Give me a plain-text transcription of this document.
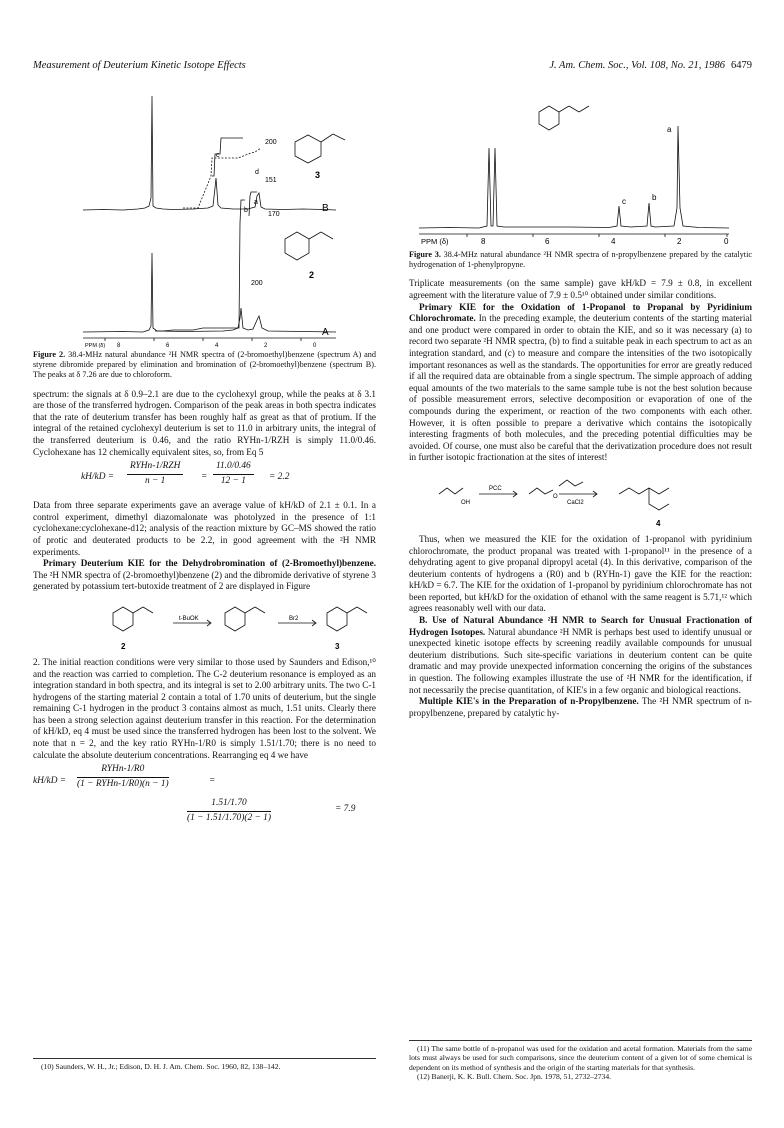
Measurement of Deuterium Kinetic Isotope Effects	J. Am. Chem. Soc., Vol. 108, No. 21, 1986 6479
200
151
c
d
B
3
170
200
b
a
A
2
PPM (δ) 8	6	4	2	0
Figure 2. 38.4-MHz natural abundance ²H NMR spectra of (2-bromoethyl)benzene (spectrum A) and styrene dibromide prepared by elimination and bromination of (2-bromoethyl)benzene (spectrum B). The peaks at δ 7.26 are due to chloroform.

spectrum: the signals at δ 0.9–2.1 are due to the cyclohexyl group, while the peaks at δ 3.1 are those of the transferred hydrogen. Comparison of the peak areas in both spectra indicates that the rate of deuterium transfer has been roughly half as great as that of protium. If the integral of the retained cyclohexyl deuterium is set to 11.0 in arbitrary units, the integral of the transferred deuterium is 0.46, and the ratio RYHn-1/RZH is simply 11.0/0.46. Cyclohexane has 12 chemically equivalent sites, so, from Eq 5

kH/kD =
RYHn-1/RZH
n − 1	= $\frac{11.0/0.46}{12 - 1} = 2.2$

Data from three separate experiments gave an average value of kH/kD of 2.1 ± 0.1. In a control experiment, dimethyl diazomalonate was photolyzed in the presence of 1:1 cyclohexane:cyclohexane-d12; analysis of the reaction mixture by GC–MS showed the ratio of protic and deuterated products to be 2.2, in good agreement with the ²H NMR experiments.

Primary Deuterium KIE for the Dehydrobromination of (2-Bromoethyl)benzene. The ²H NMR spectra of (2-bromoethyl)benzene (2) and the dibromide derivative of styrene 3 generated by potassium tert-butoxide treatment of 2 are displayed in Figure

t-BuOK	Br2
2	3

2. The initial reaction conditions were very similar to those used by Saunders and Edison,¹⁰ and the reaction was carried to completion. The C-2 deuterium resonance is employed as an integration standard in both spectra, and its integral is set to 2.00 arbitrary units. The two C-1 hydrogens of the starting material 2 contain a total of 1.70 units of deuterium, but the single remaining C-1 hydrogen in the product 3 contains almost as much, 1.51 units. Clearly there has been a strong selection against deuterium transfer in this reaction. For the determination of kH/kD, eq 4 must be used since the transferred hydrogen has been lost to the solvent. We note that n = 2, and the key ratio RYHn-1/R0 is simply 1.51/1.70; there is no need to calculate the absolute deuterium concentrations. Rearranging eq 4 we have

kH/kD =
RYHn-1/R0
(1 − RYHn-1/R0)(n − 1)	=
$\frac{1.51/1.70}{(1 - 1.51/1.70)(2 - 1)}$	= 7.9

(10) Saunders, W. H., Jr.; Edison, D. H. J. Am. Chem. Soc. 1960, 82, 138–142.

a
b
c
PPM (δ)	8	6	4	2	0
Figure 3. 38.4-MHz natural abundance ²H NMR spectra of n-propylbenzene prepared by the catalytic hydrogenation of 1-phenylpropyne.

Triplicate measurements (on the same sample) gave kH/kD = 7.9 ± 0.8, in excellent agreement with the literature value of 7.9 ± 0.5¹⁰ obtained under similar conditions.

Primary KIE for the Oxidation of 1-Propanol to Propanal by Pyridinium Chlorochromate. In the preceding example, the deuterium contents of the starting material and one product were compared in order to obtain the KIE, and so it was necessary (a) to record two separate ²H NMR spectra, (b) to find a suitable peak in each spectrum to act as an integration standard, and (c) to measure and compare the intensities of the two isotopically important resonances as well as the standards. The opportunities for error are greatly reduced if all the required data are obtainable from a single spectrum. The simple approach of adding equal amounts of the two materials to the same sample tube is not the best solution because of possible measurement errors, selective decomposition or evaporation of one of the compounds during the experiment, or reaction of the two components with each other. However, it is often possible to prepare a derivative which contains the isotopically interesting fragments of both molecules, and the preceding potential difficulties may be avoided. Of course, one must also be careful that the derivatization procedure does not result in further isotopic fractionation at the sites of interest!

OH
PCC
O
CaCl2
4

Thus, when we measured the KIE for the oxidation of 1-propanol with pyridinium chlorochromate, the product propanal was treated with 1-propanol¹¹ in the presence of a dehydrating agent to give propanal dipropyl acetal (4). In this derivative, comparison of the deuterium contents of hydrogens a (R0) and b (RYHn-1) gave the KIE for the reaction: kH/kD = 6.7. The KIE for the oxidation of 1-propanol by pyridinium chlorochromate has not been reported, but kH/kD for the oxidation of ethanol with the same reagent is 5.71,¹² which agrees reasonably well with our data.

B. Use of Natural Abundance ²H NMR to Search for Unusual Fractionation of Hydrogen Isotopes. Natural abundance ²H NMR is perhaps best used to identify unusual or unexpected kinetic isotope effects by screening readily available compounds for unusual deuterium distributions. Such site-specific variations in deuterium content can be quite dramatic and may provide unexpected information concerning the origins of the substances in question. The following examples illustrate the use of ²H NMR for the identification, if not necessarily the precise quantitation, of KIE's in a few organic and biological reactions.

Multiple KIE's in the Preparation of n-Propylbenzene. The ²H NMR spectrum of n-propylbenzene, prepared by catalytic hy-

(11) The same bottle of n-propanol was used for the oxidation and acetal formation. Materials from the same lots must always be used for such comparisons, since the deuterium content of a given lot of some chemical is dependent on its method of synthesis and the origin of the starting materials for that synthesis.

(12) Banerji, K. K. Bull. Chem. Soc. Jpn. 1978, 51, 2732–2734.
